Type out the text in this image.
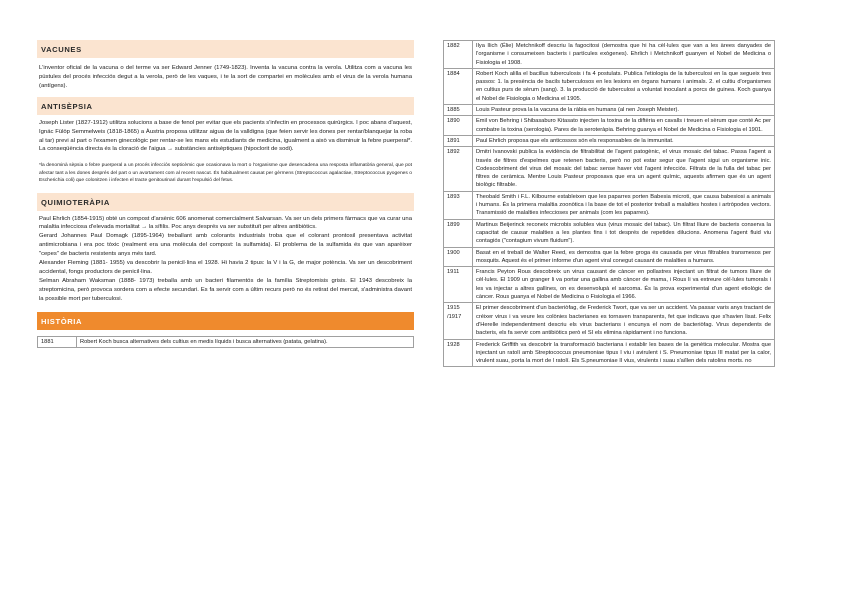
VACUNES

L'inventor oficial de la vacuna o del terme va ser Edward Jenner (1749-1823). Inventa la vacuna contra la verola. Utilitza com a vacuna les pústules del procés infecciós degut a la verola, però de les vaques, i te la sort de compartei en molècules amb el virus de la verola humana (antígens).

ANTISÈPSIA

Joseph Lister (1827-1912) utilitza solucions a base de fenol per evitar que els pacients s'infectin en processos quirúrgics. I poc abans d'aquest, Ignác Fülöp Semmelweis (1818-1865) a Àustria proposa utilitzar aigua de la valldigna (que feien servir les dones per rentar/blanquejar la roba al tar) previ al part o l'examen ginecològic per rentar-se les mans els estudiants de medicina, igualment a això va disminuir la febre puerperal*. La conseqüència directa és la cloració de l'aigua → substàncies antisèptiques (hipoclorit de sodi).

*la denominà sèpsia o febre puerperal a un procés infecciós septicèmic que ocasionava la mort o l'organisme que desencadena una resposta inflamatòria general, que pot afectar tant a les dones després del part o un avortament com al recent nascut. És habitualment causat per gèrmens (Streptococcus agalactiae, Streptococcus pyogenes o Escherichia coli) que colonitzen i infecten el tracte genitourinari durant l'expulsió del fetus.

QUIMIOTERÀPIA

Paul Ehrlich (1854-1915) obté un compost d'arsènic 606 anomenat comercialment Salvarsan. Va ser un dels primers fàrmacs que va curar una malaltia infecciosa d'elevada mortalitat → la sífilis. Poc anys després va ser substituït per altres antibiòtics.

Gerard Johannes Paul Domagk (1895-1964) treballant amb colorants industrials troba que el colorant prontosil presentava activitat antimicrobiana i era poc tòxic (realment era una molècula del compost: la sulfamida). El problema de la sulfamida és que van aparèixer "cepes" de bacteris resistents anys més tard.

Alexander Fleming (1881- 1955) va descobrir la penicil·lina el 1928. Hi havia 2 tipus: la V i la G, de major potència. Va ser un descobriment accidental, fongs productors de penicil·lina.

Selman Abraham Waksman (1888- 1973) treballa amb un bacteri filamentós de la família Streptomisis grisis. El 1943 descobreix la streptomicina, però provoca sordera com a efecte secundari. Es fa servir com a últim recurs però no és retirat del mercat, s'administra davant la possible mort per tuberculosi.

HISTÒRIA
1881	Robert Koch busca alternatives dels cultius en medis líquids i busca alternatives (patata, gelatina).
1882	Ilya Ilich (Élie) Metchnikoff descriu la fagocitosi (demostra que hi ha cèl·lules que van a les àrees danyades de l'organisme i consumeixen bacteris i partícules exògenes). Ehrlich i Metchnikoff guanyen el Nobel de Medicina o Fisiologia el 1908.
1884	Robert Koch alilla el bacillus tuberculosis i fa 4 postulats. Publica l'etiologia de la tuberculosi en la que segueix tres passos: 1. la presència de bacils tuberculosos en les lesions en òrgans humans i animals. 2. el cultiu d'organismes en cultius purs de sèrum (sang). 3. la producció de tuberculosi a voluntat inoculant a porcs de guinea. Koch guanya el Nobel de Fisiologia o Medicina el 1905.
1885	Louis Pasteur prova la la vacuna de la ràbia en humans (al nen Joseph Meister).
1890	Emil von Behring i Shibasaburo Kitasato injecten la toxina de la diftèria en cavalls i treuen el sèrum que conté Ac per combatre la toxina (serologia). Pares de la seroteràpia. Behring guanya el Nobel de Medicina o Fisiologia el 1901.
1891	Paul Ehrlich proposa que els anticossos són els responsables de la immunitat.
1892	Dmitri Ivanovski publica la evidència de filtrabilitat de l'agent patogènic, el virus mosaic del tabac. Passa l'agent a través de filtres d'espelmes que retenen bacteris, però no pot estar segur que l'agent sigui un organisme inic. Codescobriment del virus del mosaic del tabac sense haver vist l'agent infecciós. Filtrats de la fulla del tabac per filtres de ceràmica. Mentre Louis Pasteur proposava que era un agent químic, aquests afirmen que és un agent biològic filtrable.
1893	Theobald Smith i F.L. Kilbourne estableixen que les paparres porten Babesia microti, que causa babesiosi a animals i humans. És la primera malaltia zoonòtica i la base de tot el posterior treball a malalties hostes i artròpodes vectors. Transmissió de malalties infeccioses per animals (com les paparres).
1899	Martinus Beijerinck reconeix microbis solubles vius (virus mosaic del tabac). Un filtrat lliure de bacteris conserva la capacitat de causar malalties a les plantes fins i tot després de repetides dilucions. Anomena l'agent fluid viu contagiós ("contagium vivum fluidum").
1900	Basat en el treball de Walter Reed, es demostra que la febre groga és causada per virus filtrables transmesos per mosquits. Aquest és el primer informe d'un agent viral conegut causant de malalties a humans.
1911	Francis Peyton Rous descobreix un virus causant de càncer en pollastres injectant un filtrat de tumors lliure de cèl·lules. El 1909 un granger li va portar una gallina amb càncer de mama, i Rous li va extreure cèl·lules tumorals i les va injectar a altres gallines, on es desenvolupà el sarcoma. És la prova experimental d'un agent etiològic de càncer. Rous guanya el Nobel de Medicina o Fisiologia el 1966.
1915 /1917	El primer descobriment d'un bacteriòfag, de Frederick Twort, que va ser un accident. Va passar varis anys tractant de créixer virus i va veure les colònies bacterianes es tornaven transparents, fet que indicava que s'havien lisat. Felix d'Herelle independentment descriu els virus bacterians i encunya el nom de bacteriòfag. Virus dependents de bacteris, els fa servir com antibiòtics però el SI els elimina ràpidament i no funciona.
1928	Frederick Griffith va descobrir la transformació bacteriana i establir les bases de la genètica molecular. Mostra que injectant un ratolí amb Streptococcus pneumoniae tipus I viu i avirulent i S. Pneumoniae tipus III matat per la calor, virulent suau, porta la mort de l ratolí. Els S.pneumoniae II vius, virulents i suau s'aïllen dels ratolins morts. no
